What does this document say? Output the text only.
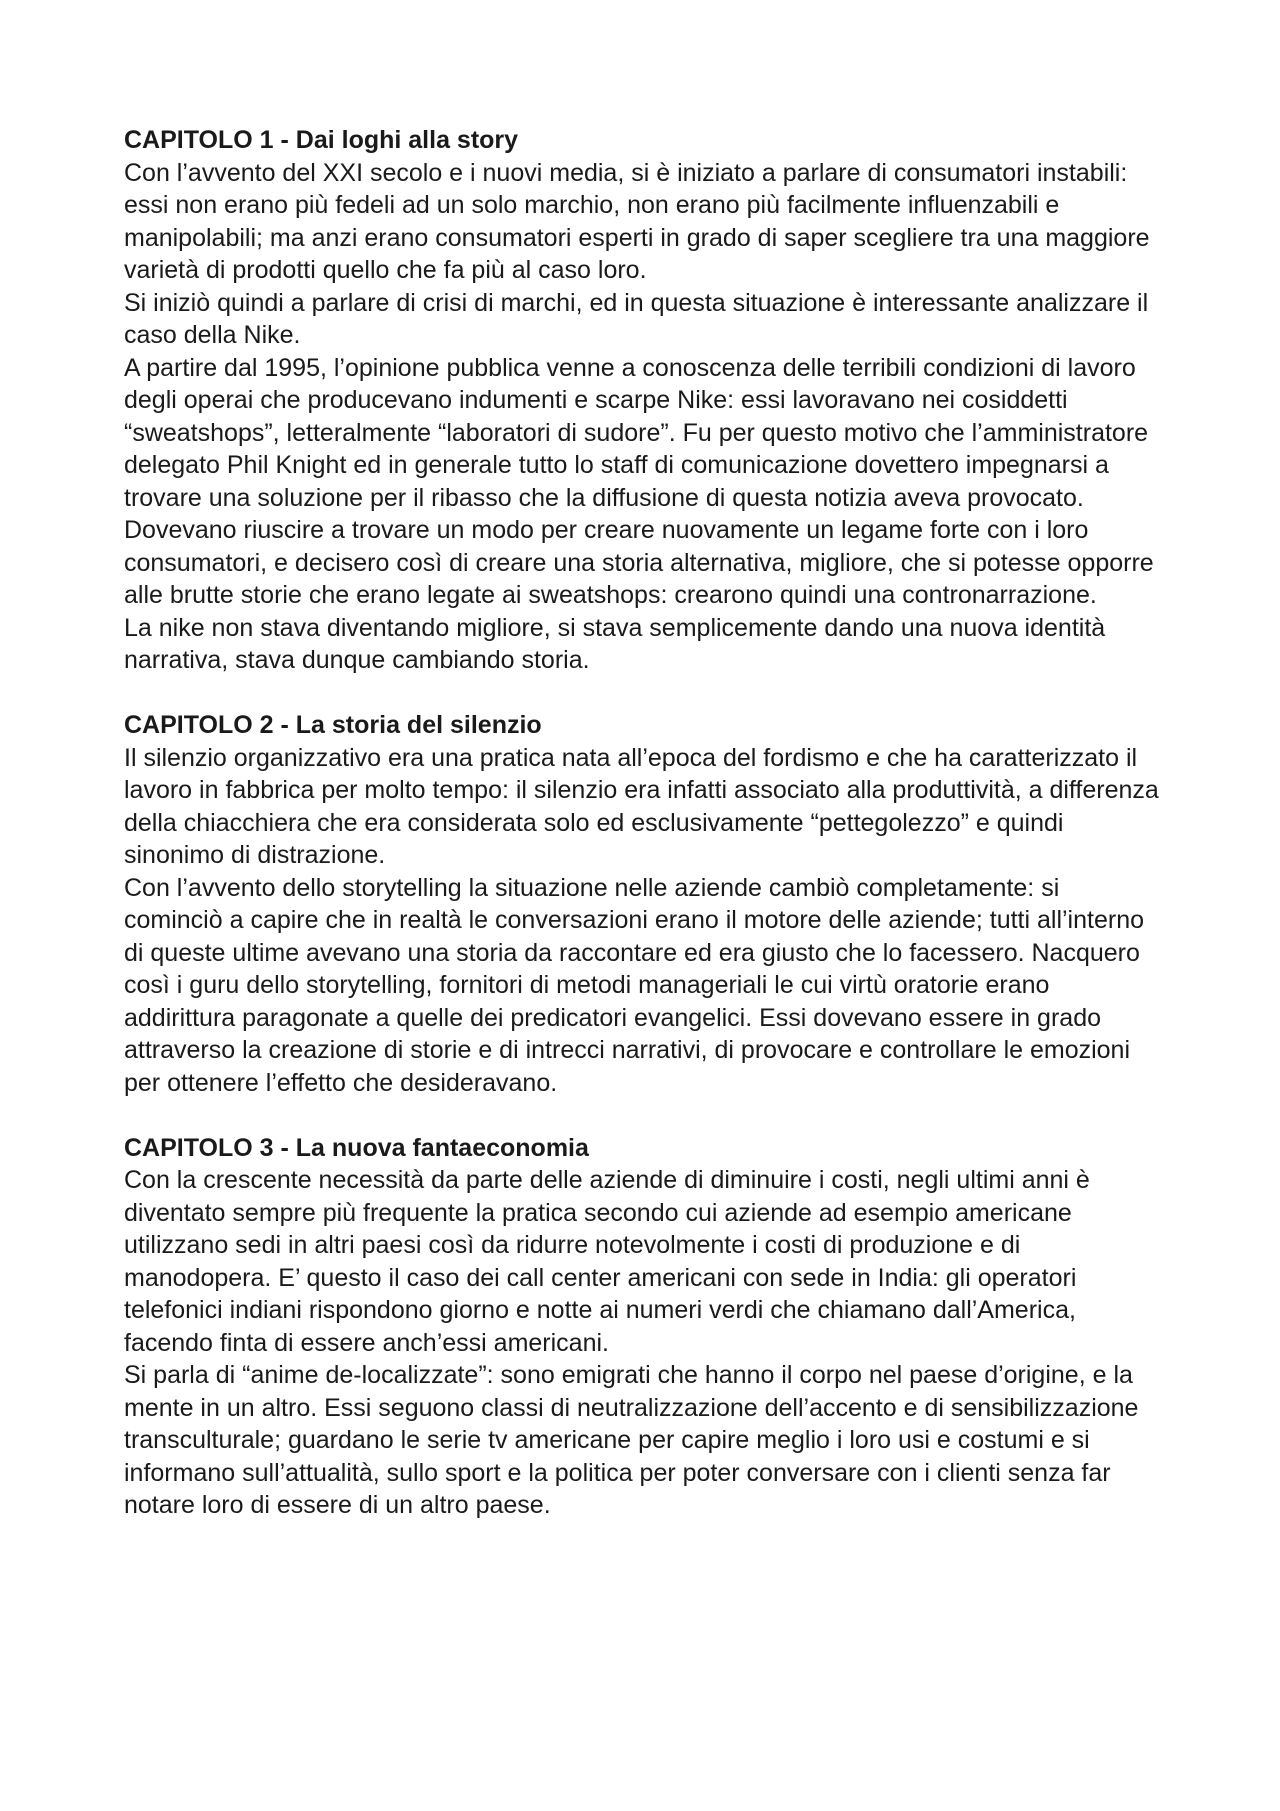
CAPITOLO 1 - Dai loghi alla story

Con l’avvento del XXI secolo e i nuovi media, si è iniziato a parlare di consumatori instabili: essi non erano più fedeli ad un solo marchio, non erano più facilmente influenzabili e manipolabili; ma anzi erano consumatori esperti in grado di saper scegliere tra una maggiore varietà di prodotti quello che fa più al caso loro.

Si iniziò quindi a parlare di crisi di marchi, ed in questa situazione è interessante analizzare il caso della Nike.

A partire dal 1995, l’opinione pubblica venne a conoscenza delle terribili condizioni di lavoro degli operai che producevano indumenti e scarpe Nike: essi lavoravano nei cosiddetti “sweatshops”, letteralmente “laboratori di sudore”. Fu per questo motivo che l’amministratore delegato Phil Knight ed in generale tutto lo staff di comunicazione dovettero impegnarsi a trovare una soluzione per il ribasso che la diffusione di questa notizia aveva provocato. Dovevano riuscire a trovare un modo per creare nuovamente un legame forte con i loro consumatori, e decisero così di creare una storia alternativa, migliore, che si potesse opporre alle brutte storie che erano legate ai sweatshops: crearono quindi una contronarrazione.

La nike non stava diventando migliore, si stava semplicemente dando una nuova identità narrativa, stava dunque cambiando storia.

CAPITOLO 2 - La storia del silenzio

Il silenzio organizzativo era una pratica nata all’epoca del fordismo e che ha caratterizzato il lavoro in fabbrica per molto tempo: il silenzio era infatti associato alla produttività, a differenza della chiacchiera che era considerata solo ed esclusivamente “pettegolezzo” e quindi sinonimo di distrazione.

Con l’avvento dello storytelling la situazione nelle aziende cambiò completamente: si cominciò a capire che in realtà le conversazioni erano il motore delle aziende; tutti all’interno di queste ultime avevano una storia da raccontare ed era giusto che lo facessero. Nacquero così i guru dello storytelling, fornitori di metodi manageriali le cui virtù oratorie erano addirittura paragonate a quelle dei predicatori evangelici. Essi dovevano essere in grado attraverso la creazione di storie e di intrecci narrativi, di provocare e controllare le emozioni per ottenere l’effetto che desideravano.

CAPITOLO 3 - La nuova fantaeconomia

Con la crescente necessità da parte delle aziende di diminuire i costi, negli ultimi anni è diventato sempre più frequente la pratica secondo cui aziende ad esempio americane utilizzano sedi in altri paesi così da ridurre notevolmente i costi di produzione e di manodopera. E’ questo il caso dei call center americani con sede in India: gli operatori telefonici indiani rispondono giorno e notte ai numeri verdi che chiamano dall’America, facendo finta di essere anch’essi americani.

Si parla di “anime de-localizzate”: sono emigrati che hanno il corpo nel paese d’origine, e la mente in un altro. Essi seguono classi di neutralizzazione dell’accento e di sensibilizzazione transculturale; guardano le serie tv americane per capire meglio i loro usi e costumi e si informano sull’attualità, sullo sport e la politica per poter conversare con i clienti senza far notare loro di essere di un altro paese.
